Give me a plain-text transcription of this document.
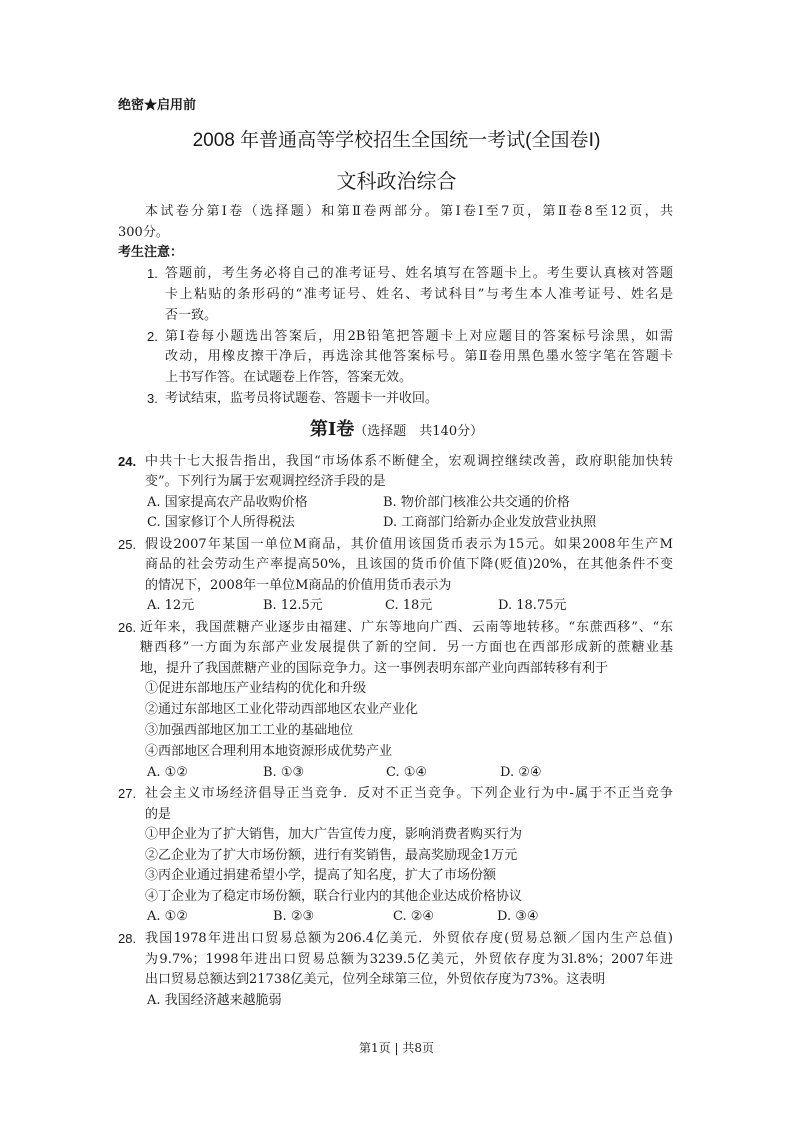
绝密★启用前
2008 年普通高等学校招生全国统一考试(全国卷Ⅰ)
文科政治综合
本试卷分第Ⅰ卷（选择题）和第Ⅱ卷两部分。第Ⅰ卷Ⅰ至7页，第Ⅱ卷8至12页，共
300分。
考生注意：
1. 答题前，考生务必将自己的准考证号、姓名填写在答题卡上。考生要认真核对答题
卡上粘贴的条形码的“准考证号、姓名、考试科目”与考生本人准考证号、姓名是
否一致。
2. 第Ⅰ卷每小题选出答案后，用2B铅笔把答题卡上对应题目的答案标号涂黑，如需
改动，用橡皮擦干净后，再选涂其他答案标号。第Ⅱ卷用黑色墨水签字笔在答题卡
上书写作答。在试题卷上作答，答案无效。
3. 考试结束，监考员将试题卷、答题卡一并收回。
第Ⅰ卷（选择题　共140分）
24. 中共十七大报告指出，我国“市场体系不断健全，宏观调控继续改善，政府职能加快转
变”。下列行为属于宏观调控经济手段的是
A. 国家提高农产品收购价格	B. 物价部门核准公共交通的价格
C. 国家修订个人所得税法	D. 工商部门给新办企业发放营业执照
25. 假设2007年某国一单位M商品，其价值用该国货币表示为15元。如果2008年生产M
商品的社会劳动生产率提高50%，且该国的货币价值下降(贬值)20%，在其他条件不变
的情况下，2008年一单位M商品的价值用货币表示为
A. 12元	B. 12.5元	C. 18元	D. 18.75元
26. 近年来，我国蔗糖产业逐步由福建、广东等地向广西、云南等地转移。“东蔗西移”、“东
糖西移”一方面为东部产业发展提供了新的空间．另一方面也在西部形成新的蔗糖业基
地，提升了我国蔗糖产业的国际竞争力。这一事例表明东部产业向西部转移有利于
①促进东部地压产业结构的优化和升级
②通过东部地区工业化带动西部地区农业产业化
③加强西部地区加工工业的基础地位
④西部地区合理利用本地资源形成优势产业
A. ①②	B. ①③	C. ①④	D. ②④
27. 社会主义市场经济倡导正当竞争．反对不正当竞争。下列企业行为中-属于不正当竞争
的是
①甲企业为了扩大销售，加大广告宣传力度，影响消费者购买行为
②乙企业为了扩大市场份额，进行有奖销售，最高奖励现金1万元
③丙企业通过捐建希望小学，提高了知名度，扩大了市场份额
④丁企业为了稳定市场份额，联合行业内的其他企业达成价格协议
A. ①②	B. ②③	C. ②④	D. ③④
28. 我国1978年进出口贸易总额为206.4亿美元．外贸依存度(贸易总额／国内生产总值)
为9.7%；1998年进出口贸易总额为3239.5亿美元，外贸依存度为3l.8%；2007年进
出口贸易总额达到21738亿美元，位列全球第三位，外贸依存度为73%。这表明
A. 我国经济越来越脆弱
第1页 | 共8页
